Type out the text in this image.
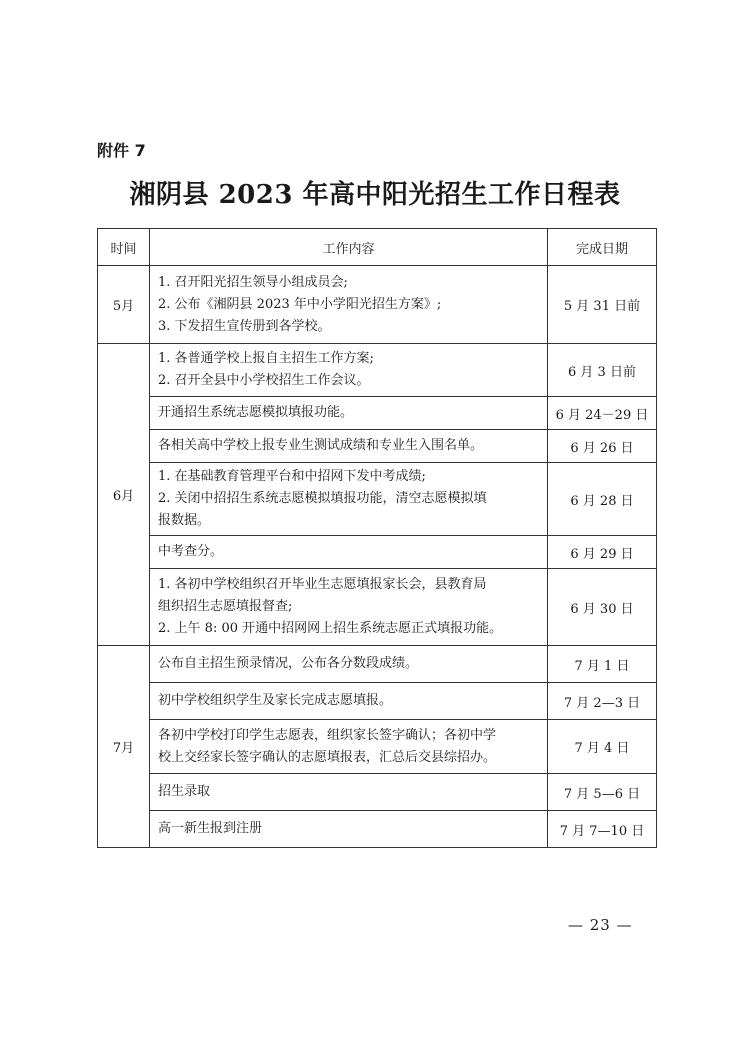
附件 7
湘阴县 2023 年高中阳光招生工作日程表
时间	工作内容	完成日期
5月	1. 召开阳光招生领导小组成员会;
2. 公布《湘阴县 2023 年中小学阳光招生方案》;
3. 下发招生宣传册到各学校。	5 月 31 日前
6月	1. 各普通学校上报自主招生工作方案;
2. 召开全县中小学校招生工作会议。	6 月 3 日前

	开通招生系统志愿模拟填报功能。	6 月 24－29 日

	各相关高中学校上报专业生测试成绩和专业生入围名单。	6 月 26 日

	1. 在基础教育管理平台和中招网下发中考成绩;
2. 关闭中招招生系统志愿模拟填报功能，清空志愿模拟填
报数据。	6 月 28 日

	中考查分。	6 月 29 日

	1. 各初中学校组织召开毕业生志愿填报家长会，县教育局
组织招生志愿填报督查;
2. 上午 8: 00 开通中招网网上招生系统志愿正式填报功能。	6 月 30 日
7月	公布自主招生预录情况，公布各分数段成绩。	7 月 1 日

	初中学校组织学生及家长完成志愿填报。	7 月 2—3 日

	各初中学校打印学生志愿表，组织家长签字确认；各初中学
校上交经家长签字确认的志愿填报表，汇总后交县综招办。	7 月 4 日

	招生录取	7 月 5—6 日

	高一新生报到注册	7 月 7—10 日
— 23 —
